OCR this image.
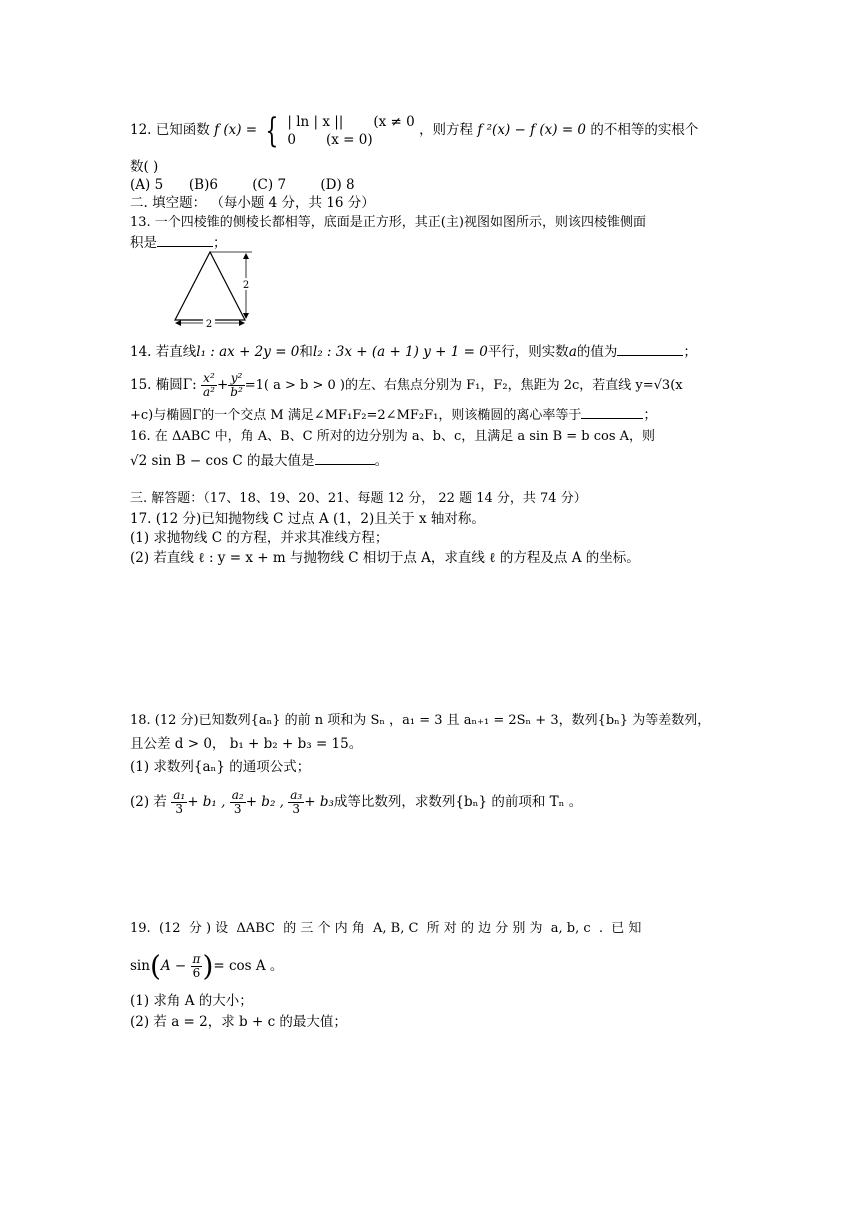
12. 已知函数 f (x) = { | ln | x || (x ≠ 0
0 (x = 0)
，则方程 f ²(x) − f (x) = 0 的不相等的实根个
数( )
(A) 5      (B)6        (C) 7        (D) 8
二. 填空题： （每小题 4 分，共 16 分）
13. 一个四棱锥的侧棱长都相等，底面是正方形，其正(主)视图如图所示，则该四棱锥侧面
积是	；
2
2
14. 若直线l₁ : ax + 2y = 0和l₂ : 3x + (a + 1) y + 1 = 0平行，则实数a的值为	；
15. 椭圆Γ: $\frac{\text{x²}}{\text{a²}} + \frac{\text{y²}}{\text{b²}} =1$( a > b > 0 )的左、右焦点分别为 F₁，F₂，焦距为 2c，若直线 y=√3(x
+c)与椭圆Γ的一个交点 M 满足∠MF₁F₂=2∠MF₂F₁，则该椭圆的离心率等于	；
16. 在 ΔABC 中，角 A、B、C 所对的边分别为 a、b、c，且满足 a sin B = b cos A，则
√2 sin B − cos C 的最大值是	。
三. 解答题：（17、18、19、20、21、每题 12 分， 22 题 14 分，共 74 分）
17. (12 分)已知抛物线 C 过点 A (1，2)且关于 x 轴对称。
(1) 求抛物线 C 的方程，并求其准线方程；
(2) 若直线 ℓ : y = x + m 与抛物线 C 相切于点 A，求直线 ℓ 的方程及点 A 的坐标。
18. (12 分)已知数列{aₙ} 的前 n 项和为 Sₙ ，a₁ = 3 且 aₙ₊₁ = 2Sₙ + 3，数列{bₙ} 为等差数列，
且公差 d > 0， b₁ + b₂ + b₃ = 15。
(1) 求数列{aₙ} 的通项公式；
(2) 若 $\frac{\text{a₁}}{3} + b_1$ , $\frac{\text{a₂}}{3} + b_2$ , $\frac{\text{a₃}}{3} + b_3$成等比数列，求数列{bₙ} 的前项和 Tₙ 。
19.  (12  分 ) 设  ΔABC  的 三 个 内 角  A, B, C  所 对 的 边 分 别 为  a, b, c  .  已 知
$\sin(A - \frac{\pi}{6}$ )= cos A 。
(1) 求角 A 的大小；
(2) 若 a = 2，求 b + c 的最大值；
